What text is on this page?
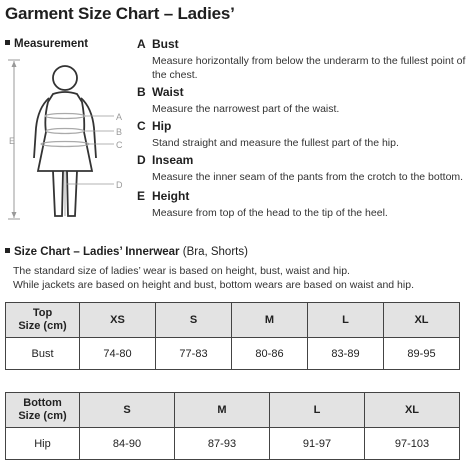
Garment Size Chart – Ladies’
Measurement
A
B
C
D
E
A Bust
Measure horizontally from below the underarm to the fullest point of the chest.
B Waist
Measure the narrowest part of the waist.
C Hip
Stand straight and measure the fullest part of the hip.
D Inseam
Measure the inner seam of the pants from the crotch to the bottom.
E Height
Measure from top of the head to the tip of the heel.
Size Chart – Ladies’ Innerwear (Bra, Shorts)
The standard size of ladies’ wear is based on height, bust, waist and hip.
While jackets are based on height and bust, bottom wears are based on waist and hip.
Top
Size (cm)	XS	S	M	L	XL
Bust	74-80	77-83	80-86	83-89	89-95
Bottom
Size (cm)	S	M	L	XL
Hip	84-90	87-93	91-97	97-103
